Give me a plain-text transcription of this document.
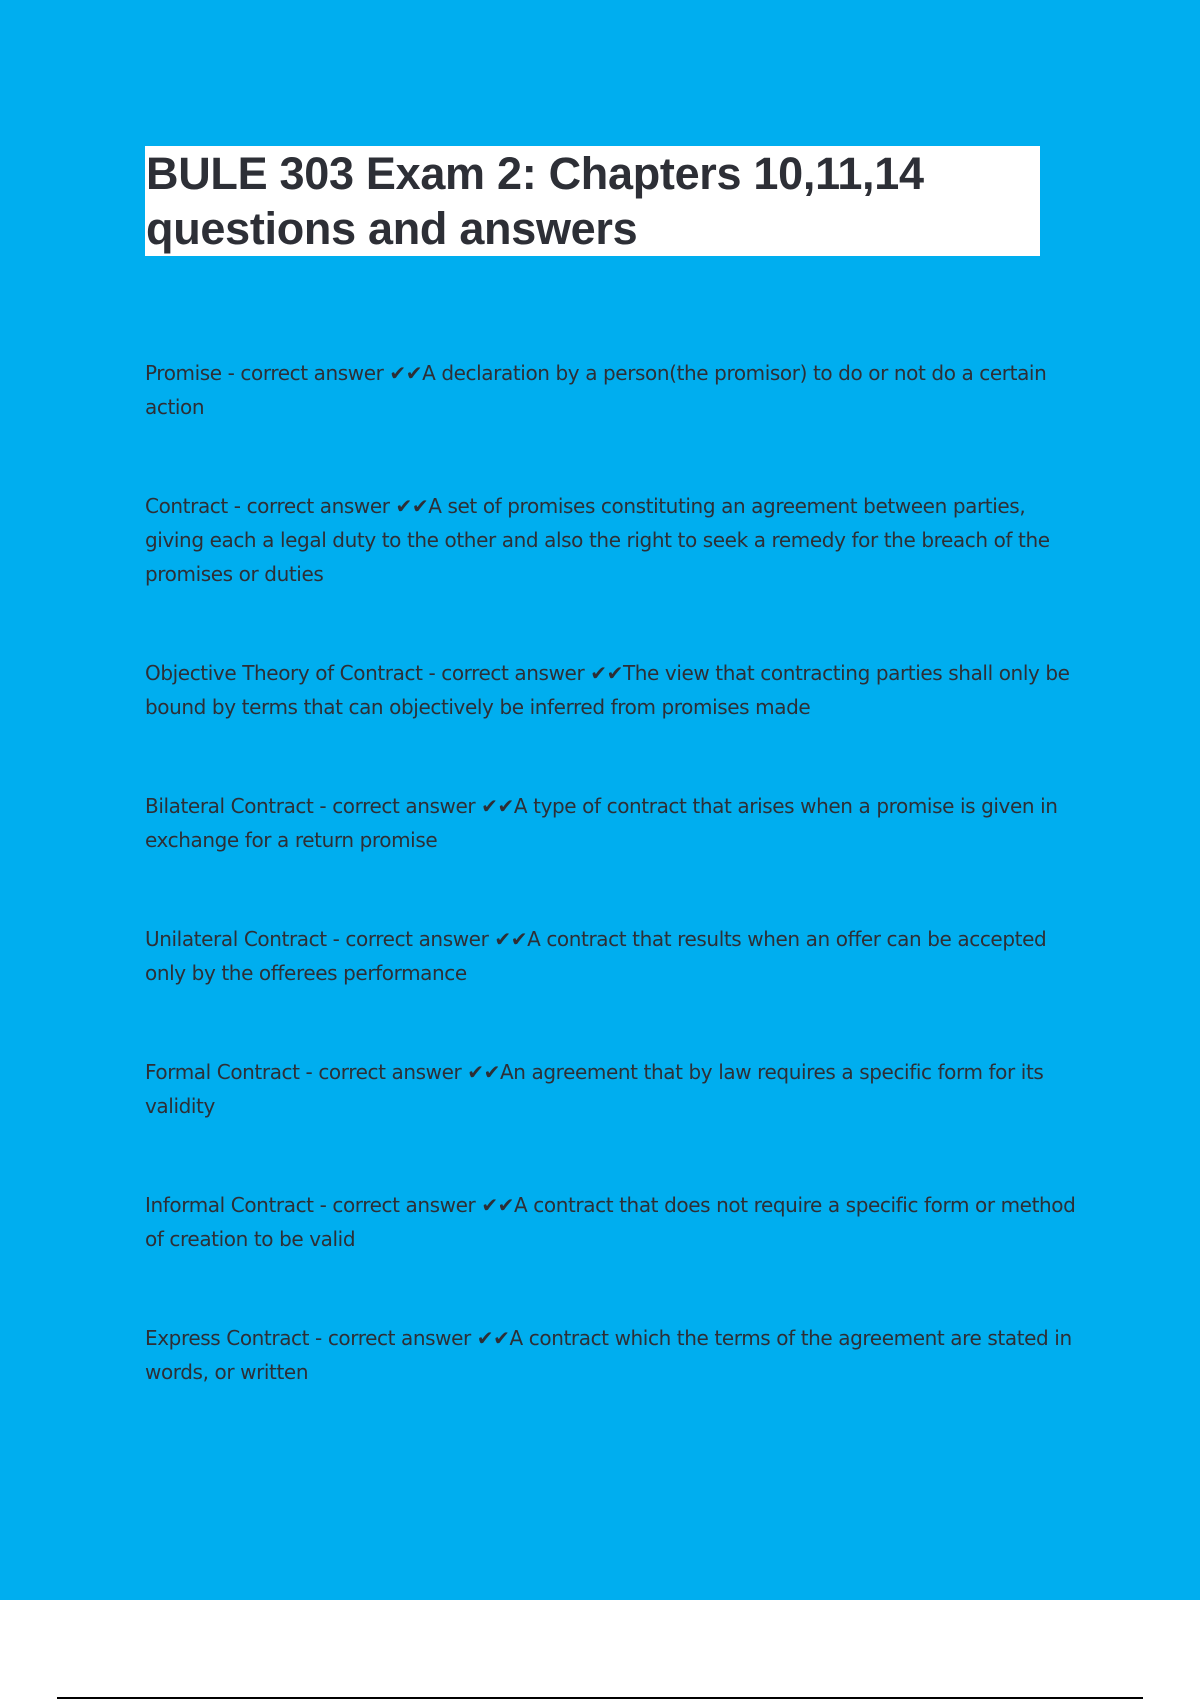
BULE 303 Exam 2: Chapters 10,11,14 questions and answers

Promise - correct answer ✔✔A declaration by a person(the promisor) to do or not do a certain action

Contract - correct answer ✔✔A set of promises constituting an agreement between parties, giving each a legal duty to the other and also the right to seek a remedy for the breach of the promises or duties

Objective Theory of Contract - correct answer ✔✔The view that contracting parties shall only be bound by terms that can objectively be inferred from promises made

Bilateral Contract - correct answer ✔✔A type of contract that arises when a promise is given in exchange for a return promise

Unilateral Contract - correct answer ✔✔A contract that results when an offer can be accepted only by the offerees performance

Formal Contract - correct answer ✔✔An agreement that by law requires a specific form for its validity

Informal Contract - correct answer ✔✔A contract that does not require a specific form or method of creation to be valid

Express Contract - correct answer ✔✔A contract which the terms of the agreement are stated in words, or written
